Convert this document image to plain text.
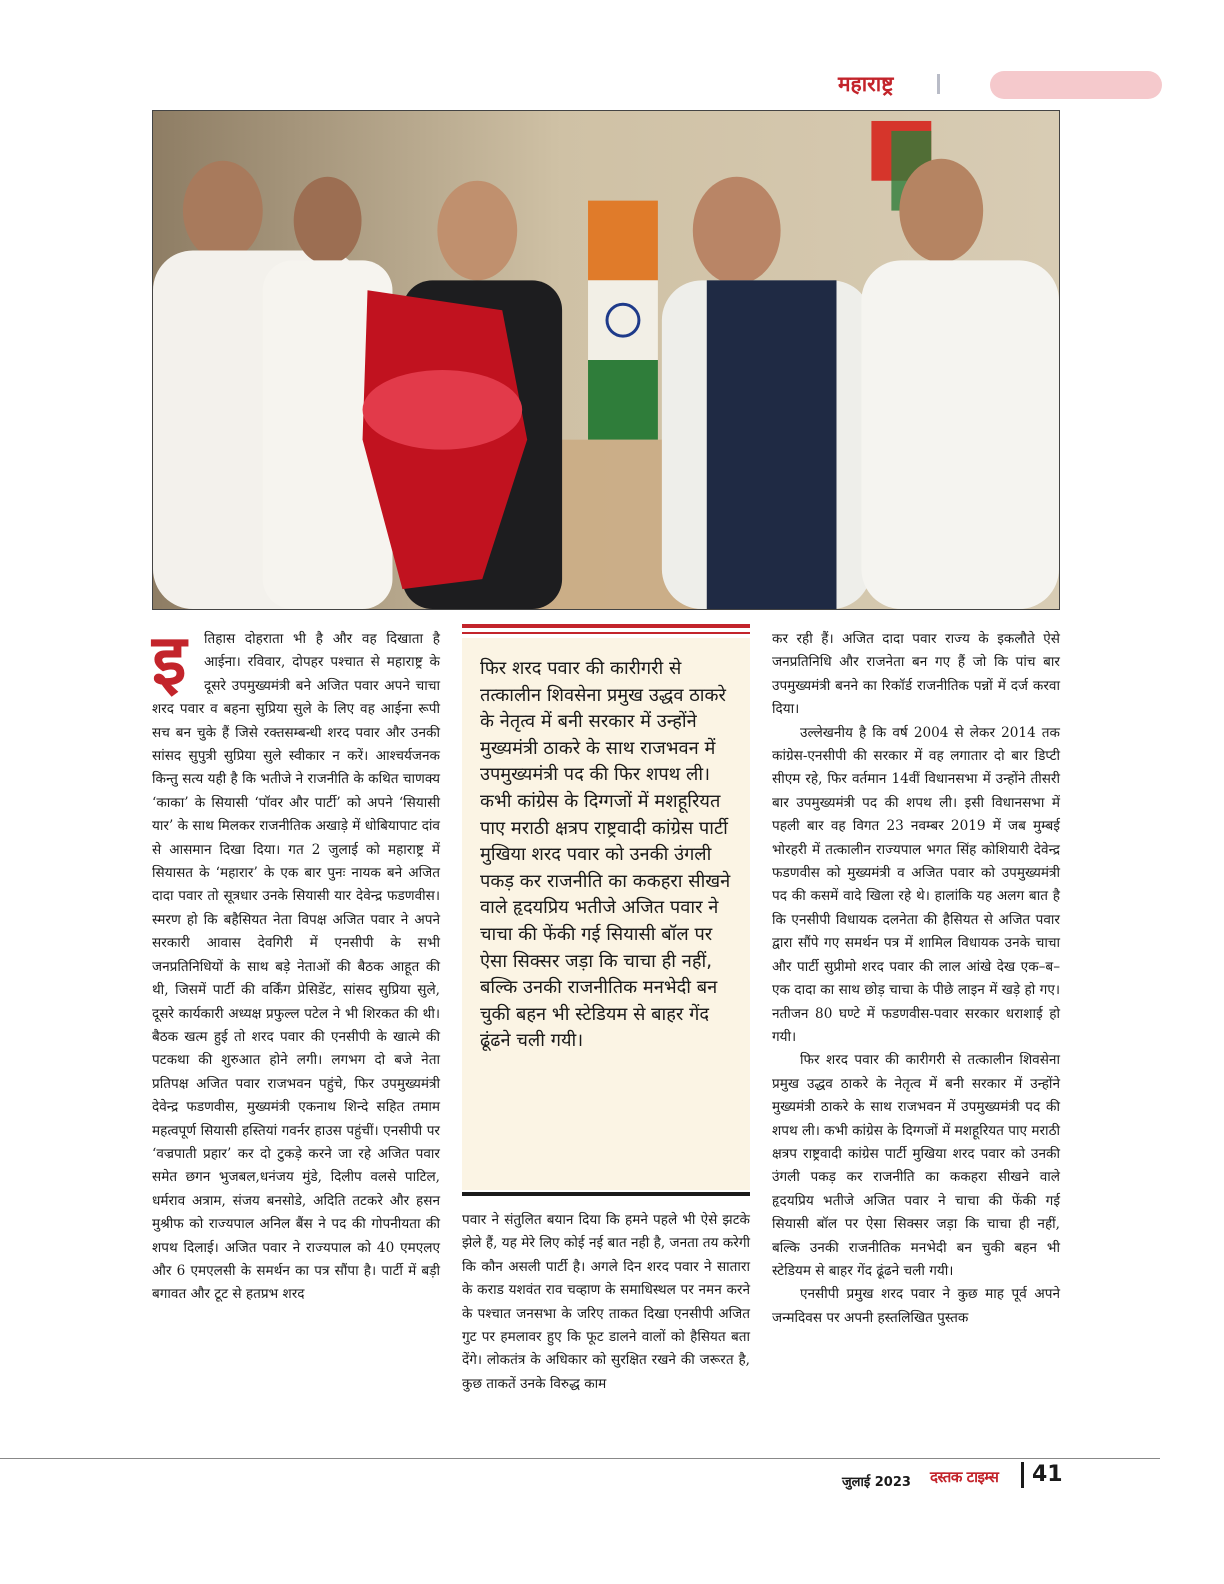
महाराष्ट्र
इ	तिहास दोहराता भी है और वह दिखाता है आईना। रविवार, दोपहर पश्चात से महाराष्ट्र के दूसरे उपमुख्यमंत्री बने अजित पवार अपने चाचा शरद पवार व बहना सुप्रिया सुले के लिए वह आईना रूपी सच बन चुके हैं जिसे रक्तसम्बन्धी शरद पवार और उनकी सांसद सुपुत्री सुप्रिया सुले स्वीकार न करें। आश्चर्यजनक किन्तु सत्य यही है कि भतीजे ने राजनीति के कथित चाणक्य ‘काका’ के सियासी ‘पॉवर और पार्टी’ को अपने ‘सियासी यार’ के साथ मिलकर राजनीतिक अखाड़े में धोबियापाट दांव से आसमान दिखा दिया। गत 2 जुलाई को महाराष्ट्र में सियासत के ‘महारार’ के एक बार पुनः नायक बने अजित दादा पवार तो सूत्रधार उनके सियासी यार देवेन्द्र फडणवीस। स्मरण हो कि बहैसियत नेता विपक्ष अजित पवार ने अपने सरकारी आवास देवगिरी में एनसीपी के सभी जनप्रतिनिधियों के साथ बड़े नेताओं की बैठक आहूत की थी, जिसमें पार्टी की वर्किंग प्रेसिडेंट, सांसद सुप्रिया सुले, दूसरे कार्यकारी अध्यक्ष प्रफुल्ल पटेल ने भी शिरकत की थी। बैठक खत्म हुई तो शरद पवार की एनसीपी के खात्मे की पटकथा की शुरुआत होने लगी। लगभग दो बजे नेता प्रतिपक्ष अजित पवार राजभवन पहुंचे, फिर उपमुख्यमंत्री देवेन्द्र फडणवीस, मुख्यमंत्री एकनाथ शिन्दे सहित तमाम महत्वपूर्ण सियासी हस्तियां गवर्नर हाउस पहुंचीं। एनसीपी पर ‘वज्रपाती प्रहार’ कर दो टुकड़े करने जा रहे अजित पवार समेत छगन भुजबल,धनंजय मुंडे, दिलीप वलसे पाटिल, धर्मराव अत्राम, संजय बनसोडे, अदिति तटकरे और हसन मुश्रीफ को राज्यपाल अनिल बैंस ने पद की गोपनीयता की शपथ दिलाई। अजित पवार ने राज्यपाल को 40 एमएलए और 6 एमएलसी के समर्थन का पत्र सौंपा है। पार्टी में बड़ी बगावत और टूट से हतप्रभ शरद

फिर शरद पवार की कारीगरी से तत्कालीन शिवसेना प्रमुख उद्धव ठाकरे के नेतृत्व में बनी सरकार में उन्होंने मुख्यमंत्री ठाकरे के साथ राजभवन में उपमुख्यमंत्री पद की फिर शपथ ली। कभी कांग्रेस के दिग्गजों में मशहूरियत पाए मराठी क्षत्रप राष्ट्रवादी कांग्रेस पार्टी मुखिया शरद पवार को उनकी उंगली पकड़ कर राजनीति का ककहरा सीखने वाले हृदयप्रिय भतीजे अजित पवार ने चाचा की फेंकी गई सियासी बॉल पर ऐसा सिक्सर जड़ा कि चाचा ही नहीं, बल्कि उनकी राजनीतिक मनभेदी बन चुकी बहन भी स्टेडियम से बाहर गेंद ढूंढने चली गयी।

पवार ने संतुलित बयान दिया कि हमने पहले भी ऐसे झटके झेले हैं, यह मेरे लिए कोई नई बात नही है, जनता तय करेगी कि कौन असली पार्टी है। अगले दिन शरद पवार ने सातारा के कराड यशवंत राव चव्हाण के समाधिस्थल पर नमन करने के पश्चात जनसभा के जरिए ताकत दिखा एनसीपी अजित गुट पर हमलावर हुए कि फूट डालने वालों को हैसियत बता देंगे। लोकतंत्र के अधिकार को सुरक्षित रखने की जरूरत है, कुछ ताकतें उनके विरुद्ध काम

कर रही हैं। अजित दादा पवार राज्य के इकलौते ऐसे जनप्रतिनिधि और राजनेता बन गए हैं जो कि पांच बार उपमुख्यमंत्री बनने का रिकॉर्ड राजनीतिक पन्नों में दर्ज करवा दिया।

उल्लेखनीय है कि वर्ष 2004 से लेकर 2014 तक कांग्रेस-एनसीपी की सरकार में वह लगातार दो बार डिप्टी सीएम रहे, फिर वर्तमान 14वीं विधानसभा में उन्होंने तीसरी बार उपमुख्यमंत्री पद की शपथ ली। इसी विधानसभा में पहली बार वह विगत 23 नवम्बर 2019 में जब मुम्बई भोरहरी में तत्कालीन राज्यपाल भगत सिंह कोशियारी देवेन्द्र फडणवीस को मुख्यमंत्री व अजित पवार को उपमुख्यमंत्री पद की कसमें वादे खिला रहे थे। हालांकि यह अलग बात है कि एनसीपी विधायक दलनेता की हैसियत से अजित पवार द्वारा सौंपे गए समर्थन पत्र में शामिल विधायक उनके चाचा और पार्टी सुप्रीमो शरद पवार की लाल आंखे देख एक–ब–एक दादा का साथ छोड़ चाचा के पीछे लाइन में खड़े हो गए। नतीजन 80 घण्टे में फडणवीस-पवार सरकार धराशाई हो गयी।

फिर शरद पवार की कारीगरी से तत्कालीन शिवसेना प्रमुख उद्धव ठाकरे के नेतृत्व में बनी सरकार में उन्होंने मुख्यमंत्री ठाकरे के साथ राजभवन में उपमुख्यमंत्री पद की शपथ ली। कभी कांग्रेस के दिग्गजों में मशहूरियत पाए मराठी क्षत्रप राष्ट्रवादी कांग्रेस पार्टी मुखिया शरद पवार को उनकी उंगली पकड़ कर राजनीति का ककहरा सीखने वाले हृदयप्रिय भतीजे अजित पवार ने चाचा की फेंकी गई सियासी बॉल पर ऐसा सिक्सर जड़ा कि चाचा ही नहीं, बल्कि उनकी राजनीतिक मनभेदी बन चुकी बहन भी स्टेडियम से बाहर गेंद ढूंढने चली गयी।

एनसीपी प्रमुख शरद पवार ने कुछ माह पूर्व अपने जन्मदिवस पर अपनी हस्तलिखित पुस्तक

जुलाई 2023 दस्तक टाइम्स 41
